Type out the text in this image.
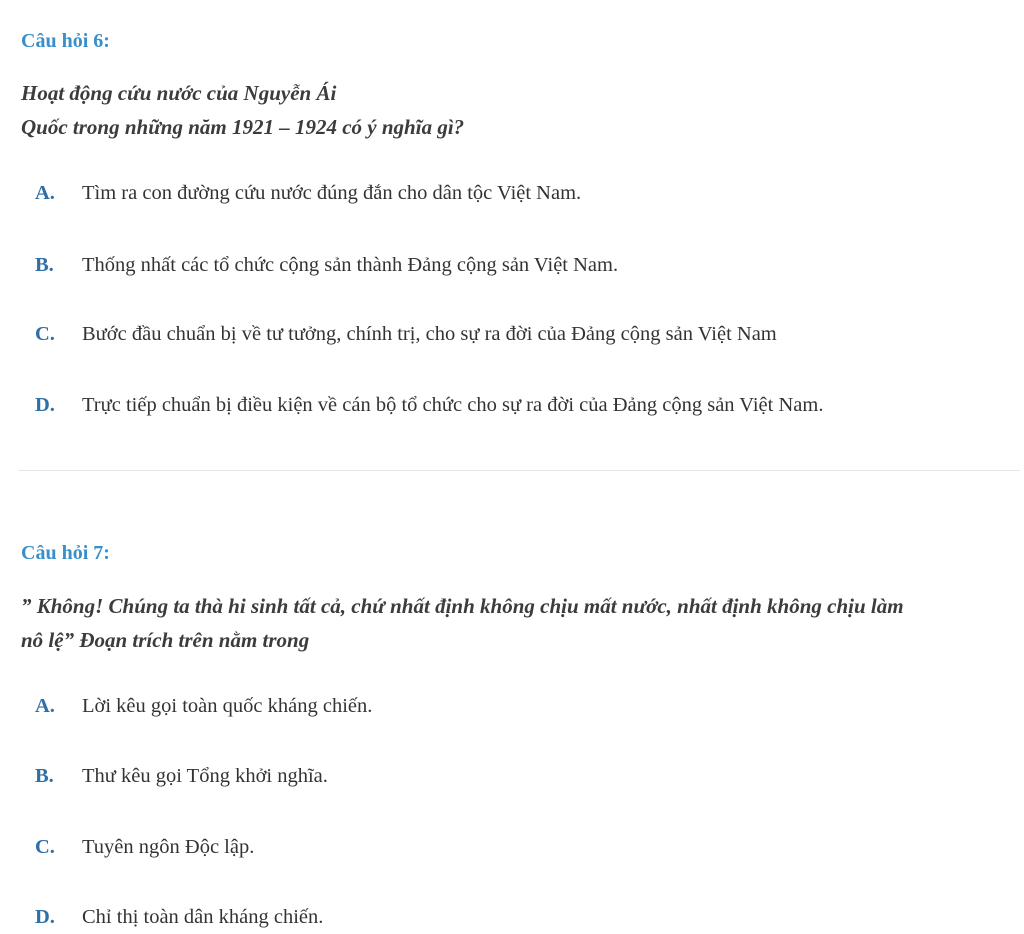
Câu hỏi 6:

Hoạt động cứu nước của Nguyễn Ái
Quốc trong những năm 1921 – 1924 có ý nghĩa gì?

A. Tìm ra con đường cứu nước đúng đắn cho dân tộc Việt Nam.
B. Thống nhất các tổ chức cộng sản thành Đảng cộng sản Việt Nam.
C. Bước đầu chuẩn bị về tư tưởng, chính trị, cho sự ra đời của Đảng cộng sản Việt Nam
D. Trực tiếp chuẩn bị điều kiện về cán bộ tổ chức cho sự ra đời của Đảng cộng sản Việt Nam.
Câu hỏi 7:

” Không! Chúng ta thà hi sinh tất cả, chứ nhất định không chịu mất nước, nhất định không chịu làm
nô lệ” Đoạn trích trên nằm trong

A. Lời kêu gọi toàn quốc kháng chiến.
B. Thư kêu gọi Tổng khởi nghĩa.
C. Tuyên ngôn Độc lập.
D. Chỉ thị toàn dân kháng chiến.
